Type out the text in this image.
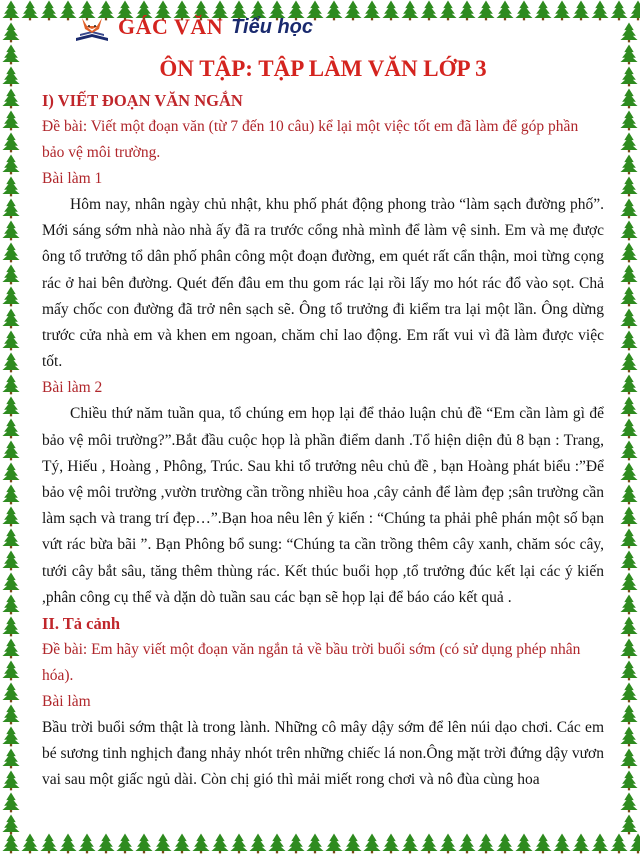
GÁC VĂN Tiểu học
ÔN TẬP: TẬP LÀM VĂN LỚP 3

I) VIẾT ĐOẠN VĂN NGẮN

Đề bài: Viết một đoạn văn (từ 7 đến 10 câu) kể lại một việc tốt em đã làm để góp phần bảo vệ môi trường.

Bài làm 1

Hôm nay, nhân ngày chủ nhật, khu phố phát động phong trào “làm sạch đường phố”. Mới sáng sớm nhà nào nhà ấy đã ra trước cổng nhà mình để làm vệ sinh. Em và mẹ được ông tổ trưởng tổ dân phố phân công một đoạn đường, em quét rất cẩn thận, moi từng cọng rác ở hai bên đường. Quét đến đâu em thu gom rác lại rồi lấy mo hót rác đổ vào sọt. Chả mấy chốc con đường đã trở nên sạch sẽ. Ông tổ trưởng đi kiểm tra lại một lần. Ông dừng trước cửa nhà em và khen em ngoan, chăm chỉ lao động. Em rất vui vì đã làm được việc tốt.

Bài làm 2

Chiều thứ năm tuần qua, tổ chúng em họp lại để thảo luận chủ đề “Em cần làm gì để bảo vệ môi trường?”.Bắt đầu cuộc họp là phần điểm danh .Tổ hiện diện đủ 8 bạn : Trang, Tý, Hiếu , Hoàng , Phông, Trúc. Sau khi tổ trưởng nêu chủ đề , bạn Hoàng phát biểu :”Để bảo vệ môi trường ,vườn trường cần trồng nhiều hoa ,cây cảnh để làm đẹp ;sân trường cần làm sạch và trang trí đẹp…”.Bạn hoa nêu lên ý kiến : “Chúng ta phải phê phán một số bạn vứt rác bừa bãi ”. Bạn Phông bổ sung: “Chúng ta cần trồng thêm cây xanh, chăm sóc cây, tưới cây bắt sâu, tăng thêm thùng rác. Kết thúc buổi họp ,tổ trưởng đúc kết lại các ý kiến ,phân công cụ thể và dặn dò tuần sau các bạn sẽ họp lại để báo cáo kết quả .

II. Tả cảnh

Đề bài: Em hãy viết một đoạn văn ngắn tả về bầu trời buổi sớm (có sử dụng phép nhân hóa).

Bài làm

Bầu trời buổi sớm thật là trong lành. Những cô mây dậy sớm để lên núi dạo chơi. Các em bé sương tinh nghịch đang nhảy nhót trên những chiếc lá non.Ông mặt trời đứng dậy vươn vai sau một giấc ngủ dài. Còn chị gió thì mải miết rong chơi và nô đùa cùng hoa
